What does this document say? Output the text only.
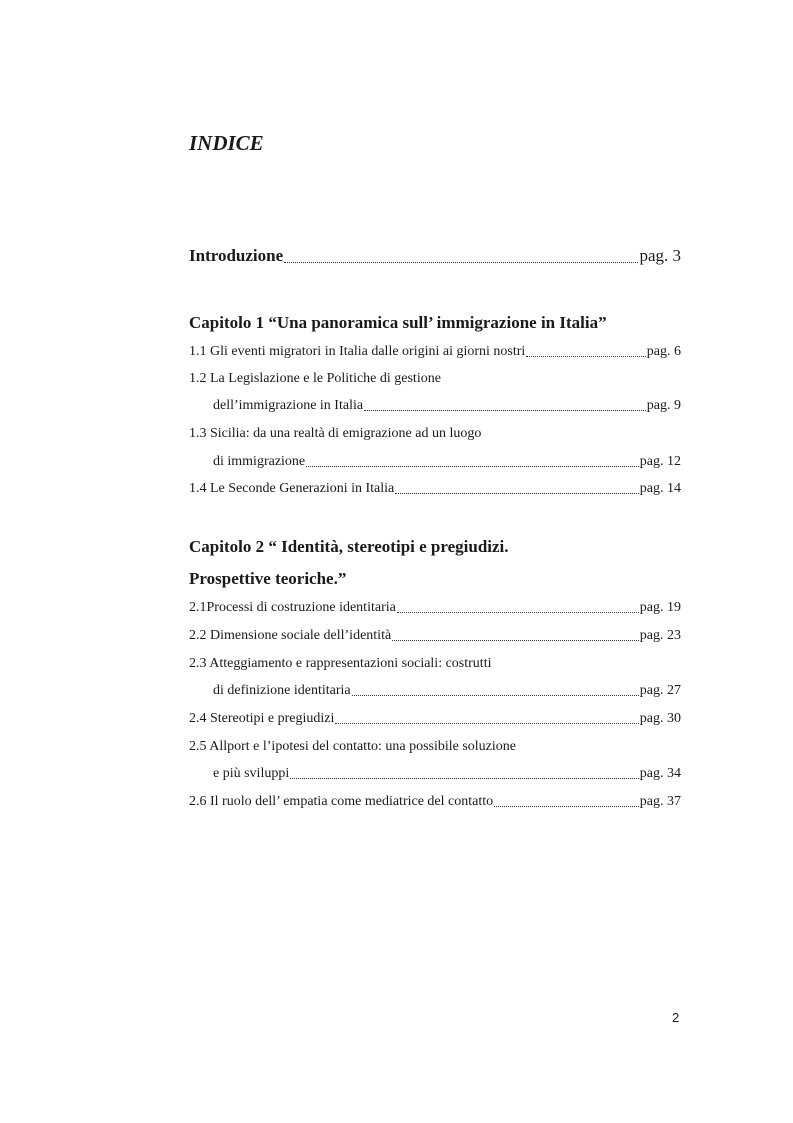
INDICE
Introduzione	pag. 3
Capitolo 1 “Una panoramica sull’ immigrazione in Italia”
1.1 Gli eventi migratori in Italia dalle origini ai giorni nostri	pag. 6
1.2 La Legislazione e le Politiche di gestione
dell’immigrazione in Italia	pag. 9
1.3 Sicilia: da una realtà di emigrazione ad un luogo
di immigrazione	pag. 12
1.4 Le Seconde Generazioni in Italia	pag. 14
Capitolo 2 “ Identità, stereotipi e pregiudizi.
Prospettive teoriche.”
2.1Processi di costruzione identitaria	pag. 19
2.2 Dimensione sociale dell’identità	pag. 23
2.3 Atteggiamento e rappresentazioni sociali: costrutti
di definizione identitaria	pag. 27
2.4 Stereotipi e pregiudizi	pag. 30
2.5 Allport e l’ipotesi del contatto: una possibile soluzione
e più sviluppi	pag. 34
2.6 Il ruolo dell’ empatia come mediatrice del contatto	pag. 37
2
